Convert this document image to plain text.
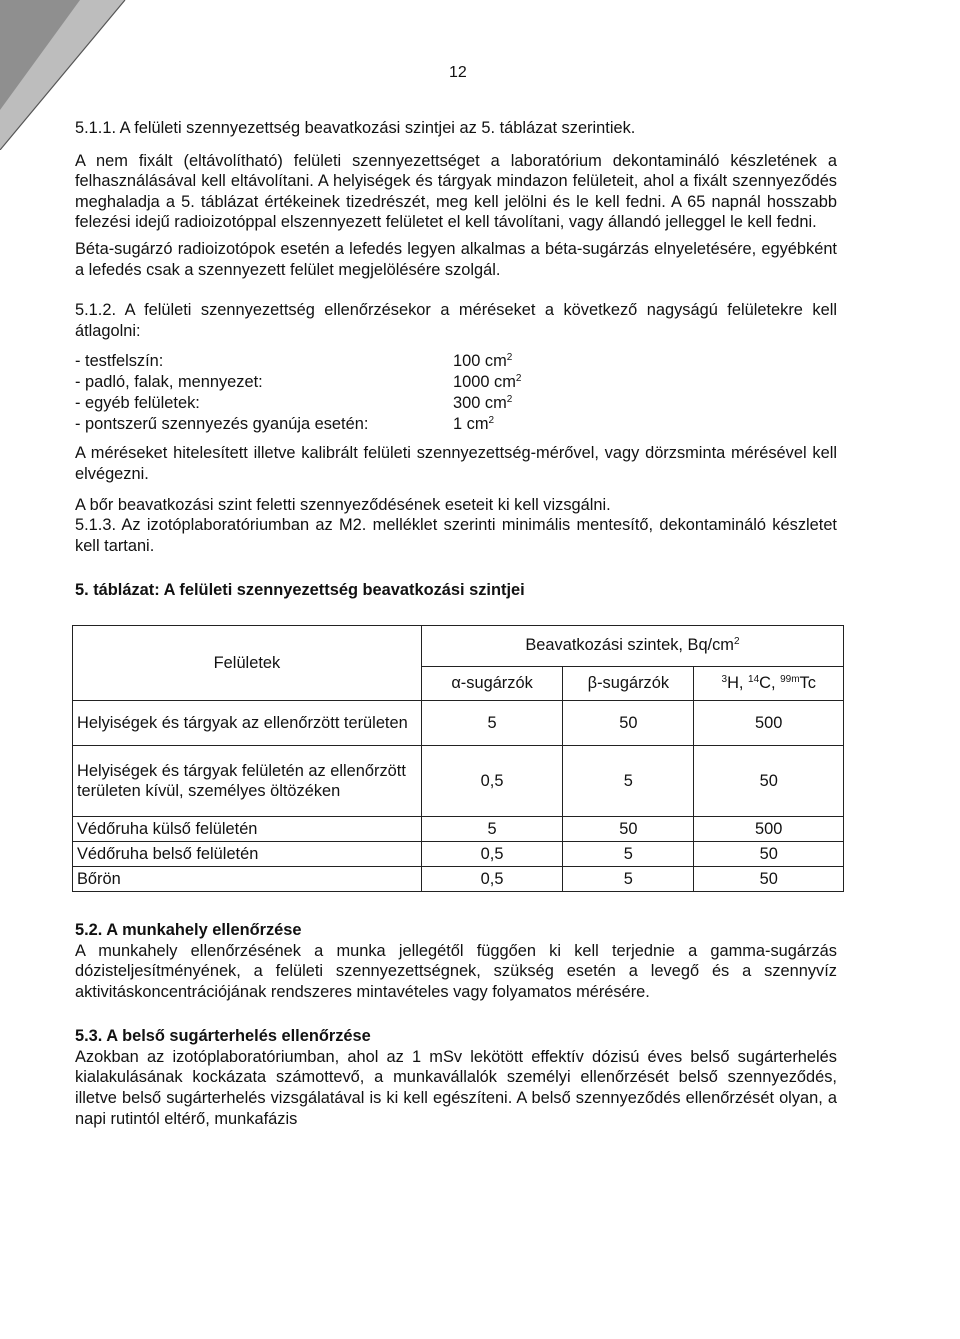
12

5.1.1. A felületi szennyezettség beavatkozási szintjei az 5. táblázat szerintiek.

A nem fixált (eltávolítható) felületi szennyezettséget a laboratórium dekontamináló készletének a felhasználásával kell eltávolítani. A helyiségek és tárgyak mindazon felületeit, ahol a fixált szennyeződés meghaladja a 5. táblázat értékeinek tizedrészét, meg kell jelölni és le kell fedni. A 65 napnál hosszabb felezési idejű radioizotóppal elszennyezett felületet el kell távolítani, vagy állandó jelleggel le kell fedni.

Béta-sugárzó radioizotópok esetén a lefedés legyen alkalmas a béta-sugárzás elnyeletésére, egyébként a lefedés csak a szennyezett felület megjelölésére szolgál.

5.1.2. A felületi szennyezettség ellenőrzésekor a méréseket a következő nagyságú felületekre kell átlagolni:

- testfelszín:	100 $cm^2$
- padló, falak, mennyezet:	1000 $cm^2$
- egyéb felületek:	300 $cm^2$
- pontszerű szennyezés gyanúja esetén:	1 $cm^2$

A méréseket hitelesített illetve kalibrált felületi szennyezettség-mérővel, vagy dörzsminta mérésével kell elvégezni.

A bőr beavatkozási szint feletti szennyeződésének eseteit ki kell vizsgálni.

5.1.3. Az izotóplaboratóriumban az M2. melléklet szerinti minimális mentesítő, dekontamináló készletet kell tartani.

5. táblázat: A felületi szennyezettség beavatkozási szintjei
Felületek	Beavatkozási szintek, $Bq/cm^2$
	α-sugárzók	β-sugárzók	$^3$H, $^{14}$C, $^{99m}$Tc
Helyiségek és tárgyak az ellenőrzött területen	5	50	500
Helyiségek és tárgyak felületén az ellenőrzött területen kívül, személyes öltözéken	0,5	5	50
Védőruha külső felületén	5	50	500
Védőruha belső felületén	0,5	5	50
Bőrön	0,5	5	50
5.2. A munkahely ellenőrzése

A munkahely ellenőrzésének a munka jellegétől függően ki kell terjednie a gamma-sugárzás dózisteljesítményének, a felületi szennyezettségnek, szükség esetén a levegő és a szennyvíz aktivitáskoncentrációjának rendszeres mintavételes vagy folyamatos mérésére.

5.3. A belső sugárterhelés ellenőrzése

Azokban az izotóplaboratóriumban, ahol az 1 mSv lekötött effektív dózisú éves belső sugárterhelés kialakulásának kockázata számottevő, a munkavállalók személyi ellenőrzését belső szennyeződés, illetve belső sugárterhelés vizsgálatával is ki kell egészíteni. A belső szennyeződés ellenőrzését olyan, a napi rutintól eltérő, munkafázis
